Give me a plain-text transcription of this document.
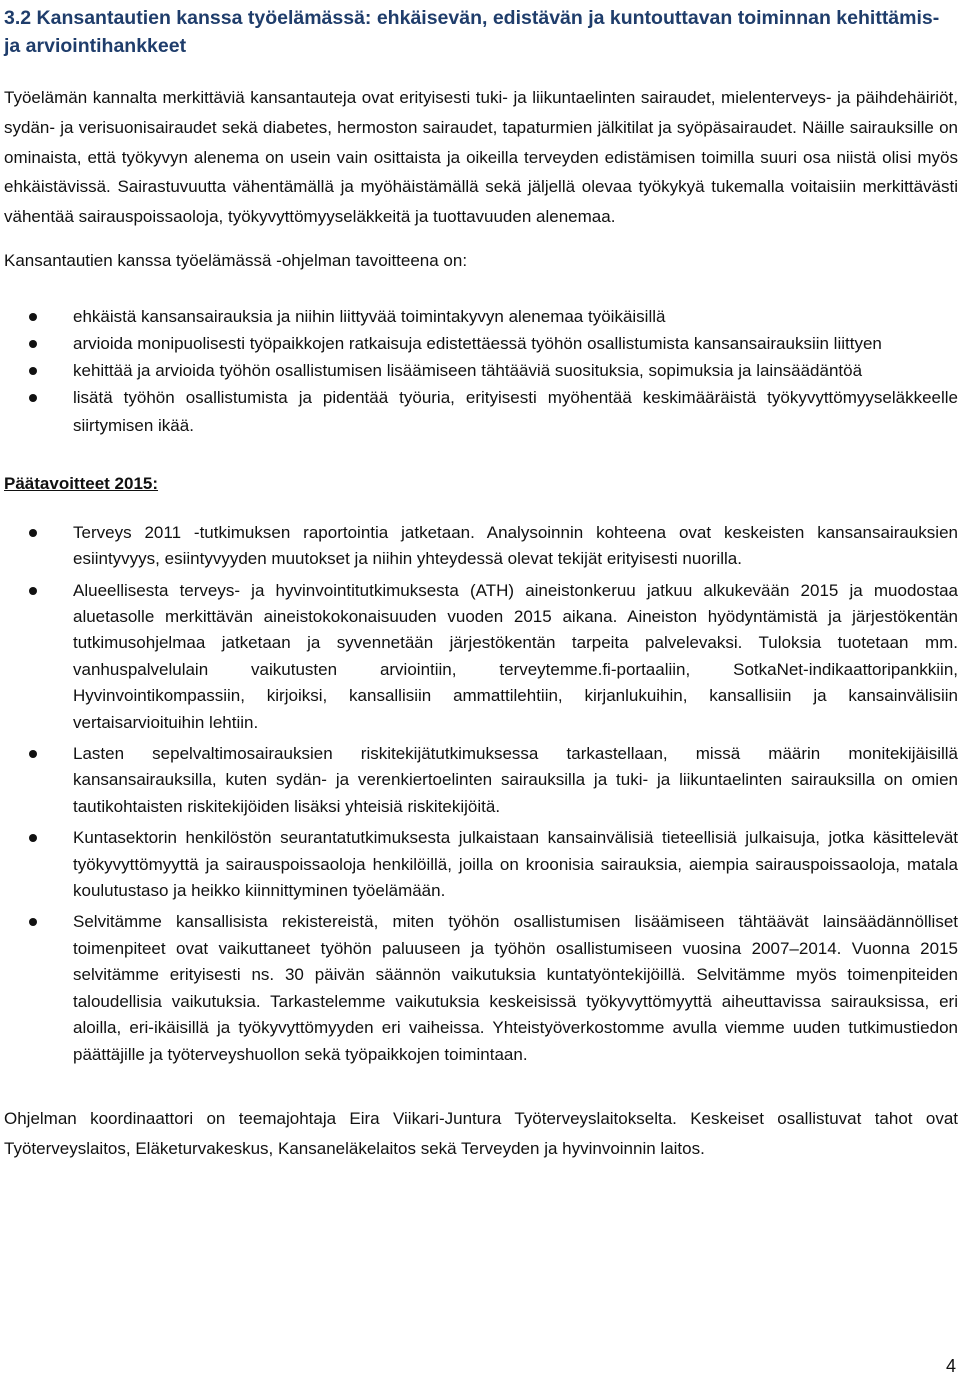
3.2 Kansantautien kanssa työelämässä: ehkäisevän, edistävän ja kuntouttavan toiminnan kehittämis- ja arviointihankkeet

Työelämän kannalta merkittäviä kansantauteja ovat erityisesti tuki- ja liikuntaelinten sairaudet, mielenterveys- ja päihdehäiriöt, sydän- ja verisuonisairaudet sekä diabetes, hermoston sairaudet, tapaturmien jälkitilat ja syöpäsairaudet. Näille sairauksille on ominaista, että työkyvyn alenema on usein vain osittaista ja oikeilla terveyden edistämisen toimilla suuri osa niistä olisi myös ehkäistävissä. Sairastuvuutta vähentämällä ja myöhäistämällä sekä jäljellä olevaa työkykyä tukemalla voitaisiin merkittävästi vähentää sairauspoissaoloja, työkyvyttömyyseläkkeitä ja tuottavuuden alenemaa.

Kansantautien kanssa työelämässä -ohjelman tavoitteena on:

ehkäistä kansansairauksia ja niihin liittyvää toimintakyvyn alenemaa työikäisillä
arvioida monipuolisesti työpaikkojen ratkaisuja edistettäessä työhön osallistumista kansansairauksiin liittyen
kehittää ja arvioida työhön osallistumisen lisäämiseen tähtääviä suosituksia, sopimuksia ja lainsäädäntöä
lisätä työhön osallistumista ja pidentää työuria, erityisesti myöhentää keskimääräistä työkyvyttömyyseläkkeelle siirtymisen ikää.
Päätavoitteet 2015:
Terveys 2011 -tutkimuksen raportointia jatketaan. Analysoinnin kohteena ovat keskeisten kansansairauksien esiintyvyys, esiintyvyyden muutokset ja niihin yhteydessä olevat tekijät erityisesti nuorilla.
Alueellisesta terveys- ja hyvinvointitutkimuksesta (ATH) aineistonkeruu jatkuu alkukevään 2015 ja muodostaa aluetasolle merkittävän aineistokokonaisuuden vuoden 2015 aikana. Aineiston hyödyntämistä ja järjestökentän tutkimusohjelmaa jatketaan ja syvennetään järjestökentän tarpeita palvelevaksi. Tuloksia tuotetaan mm. vanhuspalvelulain vaikutusten arviointiin, terveytemme.fi-portaaliin, SotkaNet-indikaattoripankkiin, Hyvinvointikompassiin, kirjoiksi, kansallisiin ammattilehtiin, kirjanlukuihin, kansallisiin ja kansainvälisiin vertaisarvioituihin lehtiin.
Lasten sepelvaltimosairauksien riskitekijätutkimuksessa tarkastellaan, missä määrin monitekijäisillä kansansairauksilla, kuten sydän- ja verenkiertoelinten sairauksilla ja tuki- ja liikuntaelinten sairauksilla on omien tautikohtaisten riskitekijöiden lisäksi yhteisiä riskitekijöitä.
Kuntasektorin henkilöstön seurantatutkimuksesta julkaistaan kansainvälisiä tieteellisiä julkaisuja, jotka käsittelevät työkyvyttömyyttä ja sairauspoissaoloja henkilöillä, joilla on kroonisia sairauksia, aiempia sairauspoissaoloja, matala koulutustaso ja heikko kiinnittyminen työelämään.
Selvitämme kansallisista rekistereistä, miten työhön osallistumisen lisäämiseen tähtäävät lainsäädännölliset toimenpiteet ovat vaikuttaneet työhön paluuseen ja työhön osallistumiseen vuosina 2007–2014. Vuonna 2015 selvitämme erityisesti ns. 30 päivän säännön vaikutuksia kuntatyöntekijöillä. Selvitämme myös toimenpiteiden taloudellisia vaikutuksia. Tarkastelemme vaikutuksia keskeisissä työkyvyttömyyttä aiheuttavissa sairauksissa, eri aloilla, eri-ikäisillä ja työkyvyttömyyden eri vaiheissa. Yhteistyöverkostomme avulla viemme uuden tutkimustiedon päättäjille ja työterveyshuollon sekä työpaikkojen toimintaan.

Ohjelman koordinaattori on teemajohtaja Eira Viikari-Juntura Työterveyslaitokselta. Keskeiset osallistuvat tahot ovat Työterveyslaitos, Eläketurvakeskus, Kansaneläkelaitos sekä Terveyden ja hyvinvoinnin laitos.

4
